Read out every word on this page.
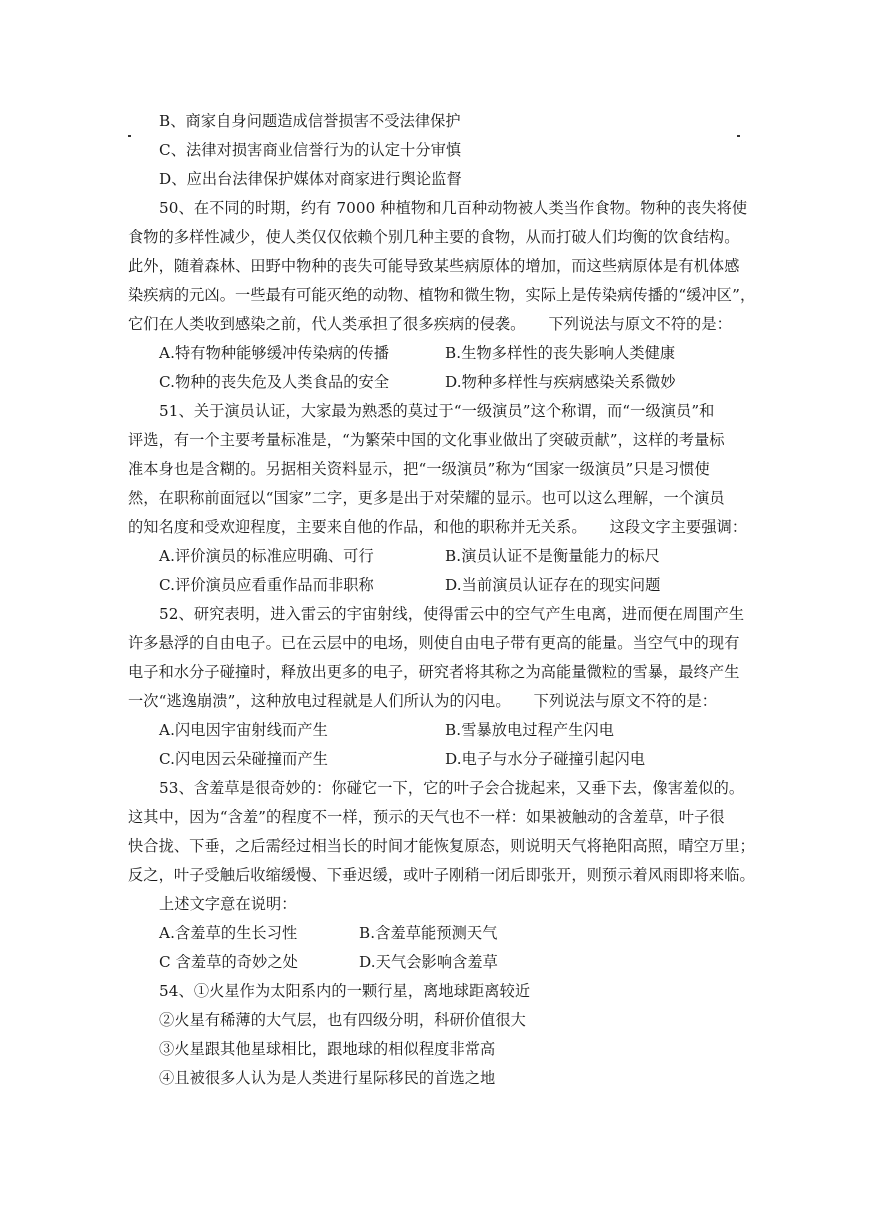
B、商家自身问题造成信誉损害不受法律保护
C、法律对损害商业信誉行为的认定十分审慎
D、应出台法律保护媒体对商家进行舆论监督
50、在不同的时期，约有 7000 种植物和几百种动物被人类当作食物。物种的丧失将使
食物的多样性减少，使人类仅仅依赖个别几种主要的食物，从而打破人们均衡的饮食结构。
此外，随着森林、田野中物种的丧失可能导致某些病原体的增加，而这些病原体是有机体感
染疾病的元凶。一些最有可能灭绝的动物、植物和微生物，实际上是传染病传播的“缓冲区”，
它们在人类收到感染之前，代人类承担了很多疾病的侵袭。　　下列说法与原文不符的是：
A.特有物种能够缓冲传染病的传播	B.生物多样性的丧失影响人类健康
C.物种的丧失危及人类食品的安全	D.物种多样性与疾病感染关系微妙
51、关于演员认证，大家最为熟悉的莫过于“一级演员”这个称谓，而“一级演员”和
评选，有一个主要考量标准是，“为繁荣中国的文化事业做出了突破贡献”，这样的考量标
准本身也是含糊的。另据相关资料显示，把“一级演员”称为“国家一级演员”只是习惯使
然，在职称前面冠以“国家”二字，更多是出于对荣耀的显示。也可以这么理解，一个演员
的知名度和受欢迎程度，主要来自他的作品，和他的职称并无关系。　　这段文字主要强调：
A.评价演员的标准应明确、可行	B.演员认证不是衡量能力的标尺
C.评价演员应看重作品而非职称	D.当前演员认证存在的现实问题
52、研究表明，进入雷云的宇宙射线，使得雷云中的空气产生电离，进而便在周围产生
许多悬浮的自由电子。已在云层中的电场，则使自由电子带有更高的能量。当空气中的现有
电子和水分子碰撞时，释放出更多的电子，研究者将其称之为高能量微粒的雪暴，最终产生
一次“逃逸崩溃”，这种放电过程就是人们所认为的闪电。　　下列说法与原文不符的是：
A.闪电因宇宙射线而产生	B.雪暴放电过程产生闪电
C.闪电因云朵碰撞而产生	D.电子与水分子碰撞引起闪电
53、含羞草是很奇妙的：你碰它一下，它的叶子会合拢起来，又垂下去，像害羞似的。
这其中，因为“含羞”的程度不一样，预示的天气也不一样：如果被触动的含羞草，叶子很
快合拢、下垂，之后需经过相当长的时间才能恢复原态，则说明天气将艳阳高照，晴空万里；
反之，叶子受触后收缩缓慢、下垂迟缓，或叶子刚稍一闭后即张开，则预示着风雨即将来临。
上述文字意在说明：
A.含羞草的生长习性	B.含羞草能预测天气
C 含羞草的奇妙之处	D.天气会影响含羞草
54、①火星作为太阳系内的一颗行星，离地球距离较近
②火星有稀薄的大气层，也有四级分明，科研价值很大
③火星跟其他星球相比，跟地球的相似程度非常高
④且被很多人认为是人类进行星际移民的首选之地
